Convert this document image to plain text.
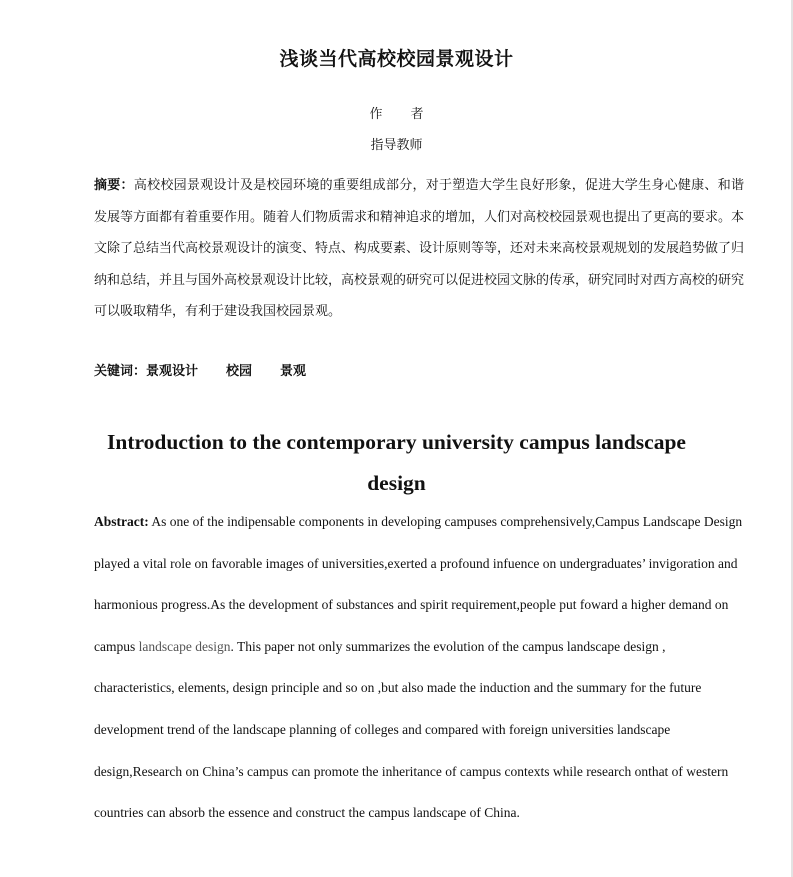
浅谈当代高校校园景观设计
作 者
指导教师
摘要：高校校园景观设计及是校园环境的重要组成部分，对于塑造大学生良好形象，促进大学生身心健康、和谐发展等方面都有着重要作用。随着人们物质需求和精神追求的增加，人们对高校校园景观也提出了更高的要求。本文除了总结当代高校景观设计的演变、特点、构成要素、设计原则等等，还对未来高校景观规划的发展趋势做了归纳和总结，并且与国外高校景观设计比较，高校景观的研究可以促进校园文脉的传承，研究同时对西方高校的研究可以吸取精华，有利于建设我国校园景观。
关键词：景观设计 校园 景观
Introduction to the contemporary university campus landscape design
Abstract: As one of the indipensable components in developing campuses comprehensively,Campus Landscape Design played a vital role on favorable images of universities,exerted a profound infuence on undergraduates’ invigoration and harmonious progress.As the development of substances and spirit requirement,people put foward a higher demand on campus landscape design. This paper not only summarizes the evolution of the campus landscape design , characteristics, elements, design principle and so on ,but also made the induction and the summary for the future development trend of the landscape planning of colleges and compared with foreign universities landscape design,Research on China’s campus can promote the inheritance of campus contexts while research onthat of western countries can absorb the essence and construct the campus landscape of China.
